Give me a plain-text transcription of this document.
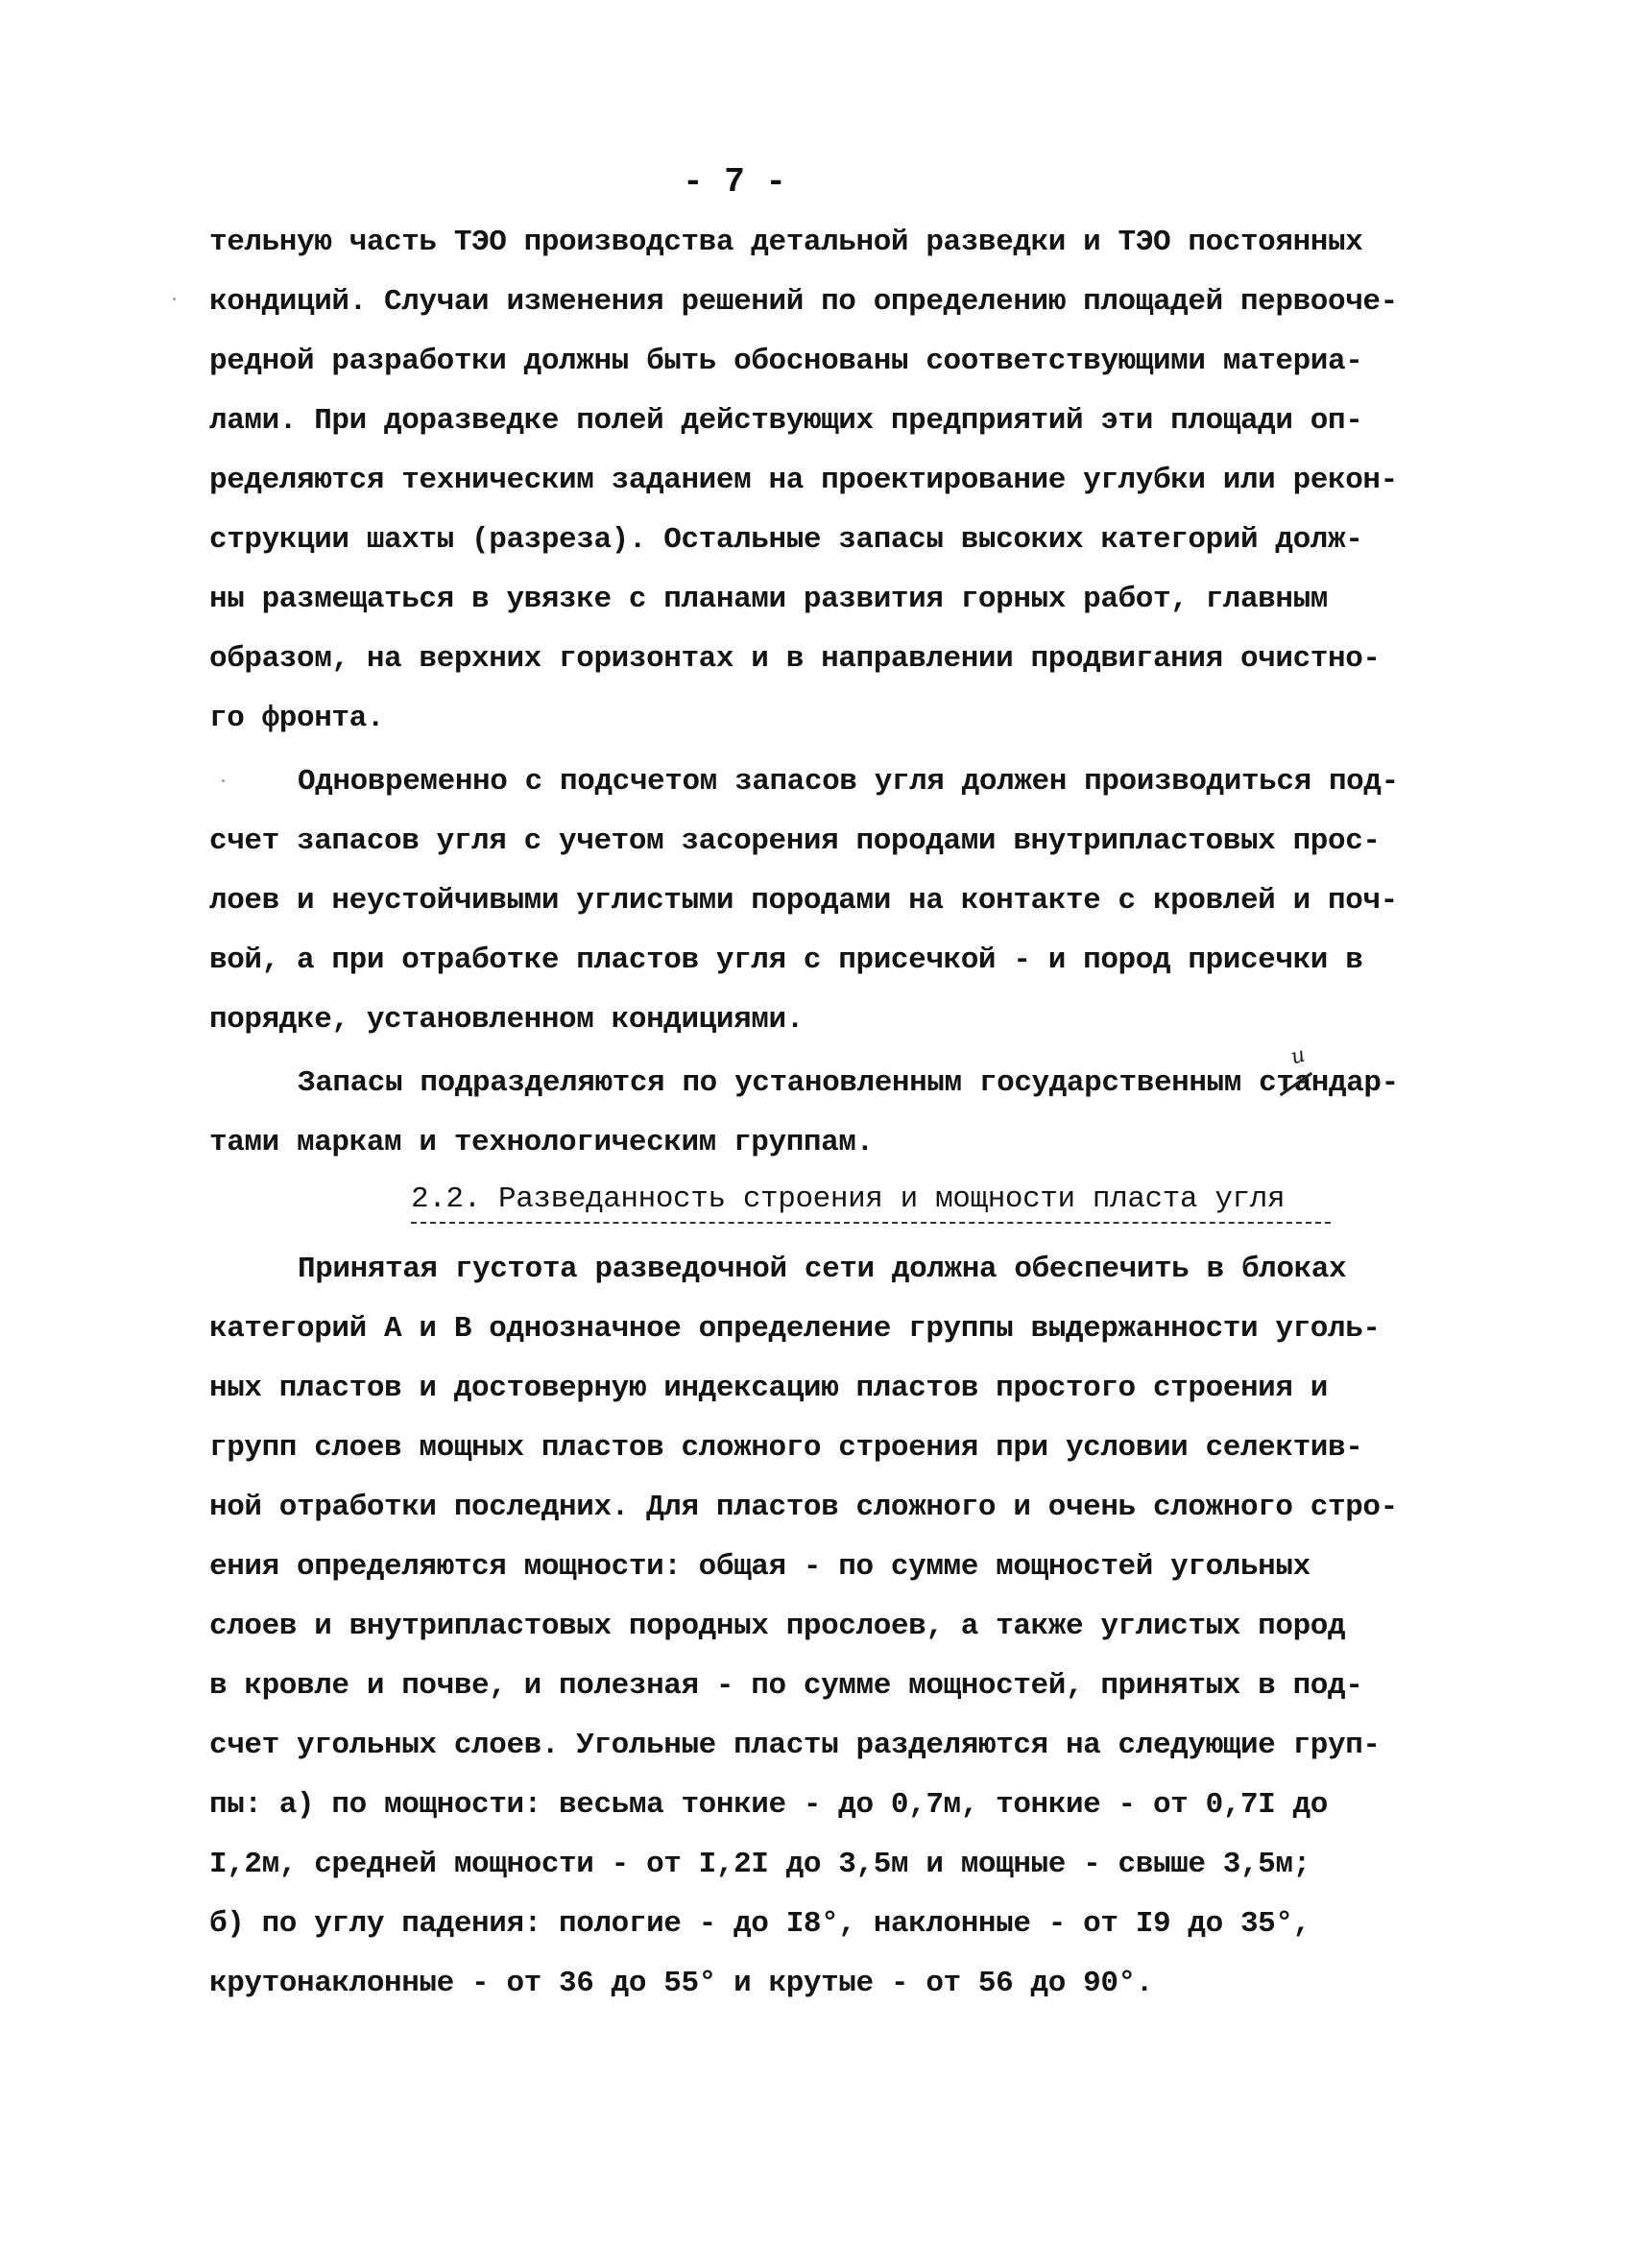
- 7 -
тельную часть ТЭО производства детальной разведки и ТЭО постоянных
кондиций. Случаи изменения решений по определению площадей первооче-
редной разработки должны быть обоснованы соответствующими материа-
лами. При доразведке полей действующих предприятий эти площади оп-
ределяются техническим заданием на проектирование углубки или рекон-
струкции шахты (разреза). Остальные запасы высоких категорий долж-
ны размещаться в увязке с планами развития горных работ, главным
образом, на верхних горизонтах и в направлении продвигания очистно-
го фронта.
Одновременно с подсчетом запасов угля должен производиться под-
счет запасов угля с учетом засорения породами внутрипластовых прос-
лоев и неустойчивыми углистыми породами на контакте с кровлей и поч-
вой, а при отработке пластов угля с присечкой - и пород присечки в
порядке, установленном кондициями.
Запасы подразделяются по установленным государственным стандар-
тами маркам и технологическим группам.
и
2.2. Разведанность строения и мощности пласта угля
Принятая густота разведочной сети должна обеспечить в блоках
категорий А и В однозначное определение группы выдержанности уголь-
ных пластов и достоверную индексацию пластов простого строения и
групп слоев мощных пластов сложного строения при условии селектив-
ной отработки последних. Для пластов сложного и очень сложного стро-
ения определяются мощности: общая - по сумме мощностей угольных
слоев и внутрипластовых породных прослоев, а также углистых пород
в кровле и почве, и полезная - по сумме мощностей, принятых в под-
счет угольных слоев. Угольные пласты разделяются на следующие груп-
пы: а) по мощности: весьма тонкие - до 0,7м, тонкие - от 0,7I до
I,2м, средней мощности - от I,2I до 3,5м и мощные - свыше 3,5м;
б) по углу падения: пологие - до I8°, наклонные - от I9 до 35°,
крутонаклонные - от 36 до 55° и крутые - от 56 до 90°.
